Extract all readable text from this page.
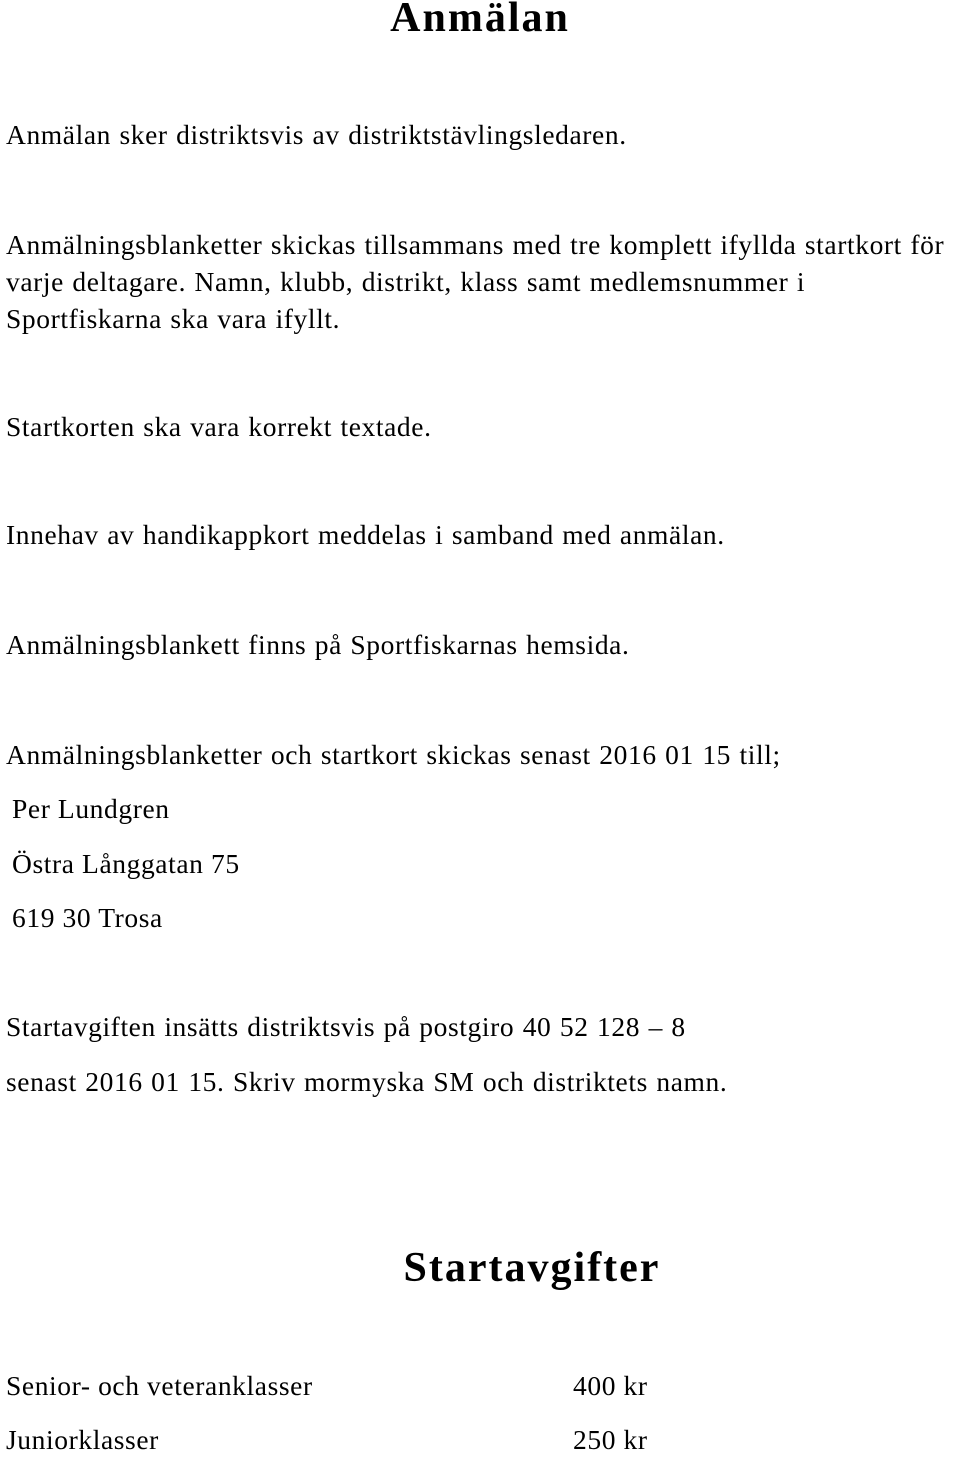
Anmälan

Anmälan sker distriktsvis av distriktstävlingsledaren.

Anmälningsblanketter skickas tillsammans med tre komplett ifyllda startkort för varje deltagare. Namn, klubb, distrikt, klass samt medlemsnummer i Sportfiskarna ska vara ifyllt.

Startkorten ska vara korrekt textade.

Innehav av handikappkort meddelas i samband med anmälan.

Anmälningsblankett finns på Sportfiskarnas hemsida.

Anmälningsblanketter och startkort skickas senast 2016 01 15 till;

Per Lundgren

Östra Långgatan 75

619 30 Trosa

Startavgiften insätts distriktsvis på postgiro 40 52 128 – 8

senast 2016 01 15. Skriv mormyska SM och distriktets namn.

Startavgifter
Senior- och veteranklasser	400 kr
Juniorklasser	250 kr
